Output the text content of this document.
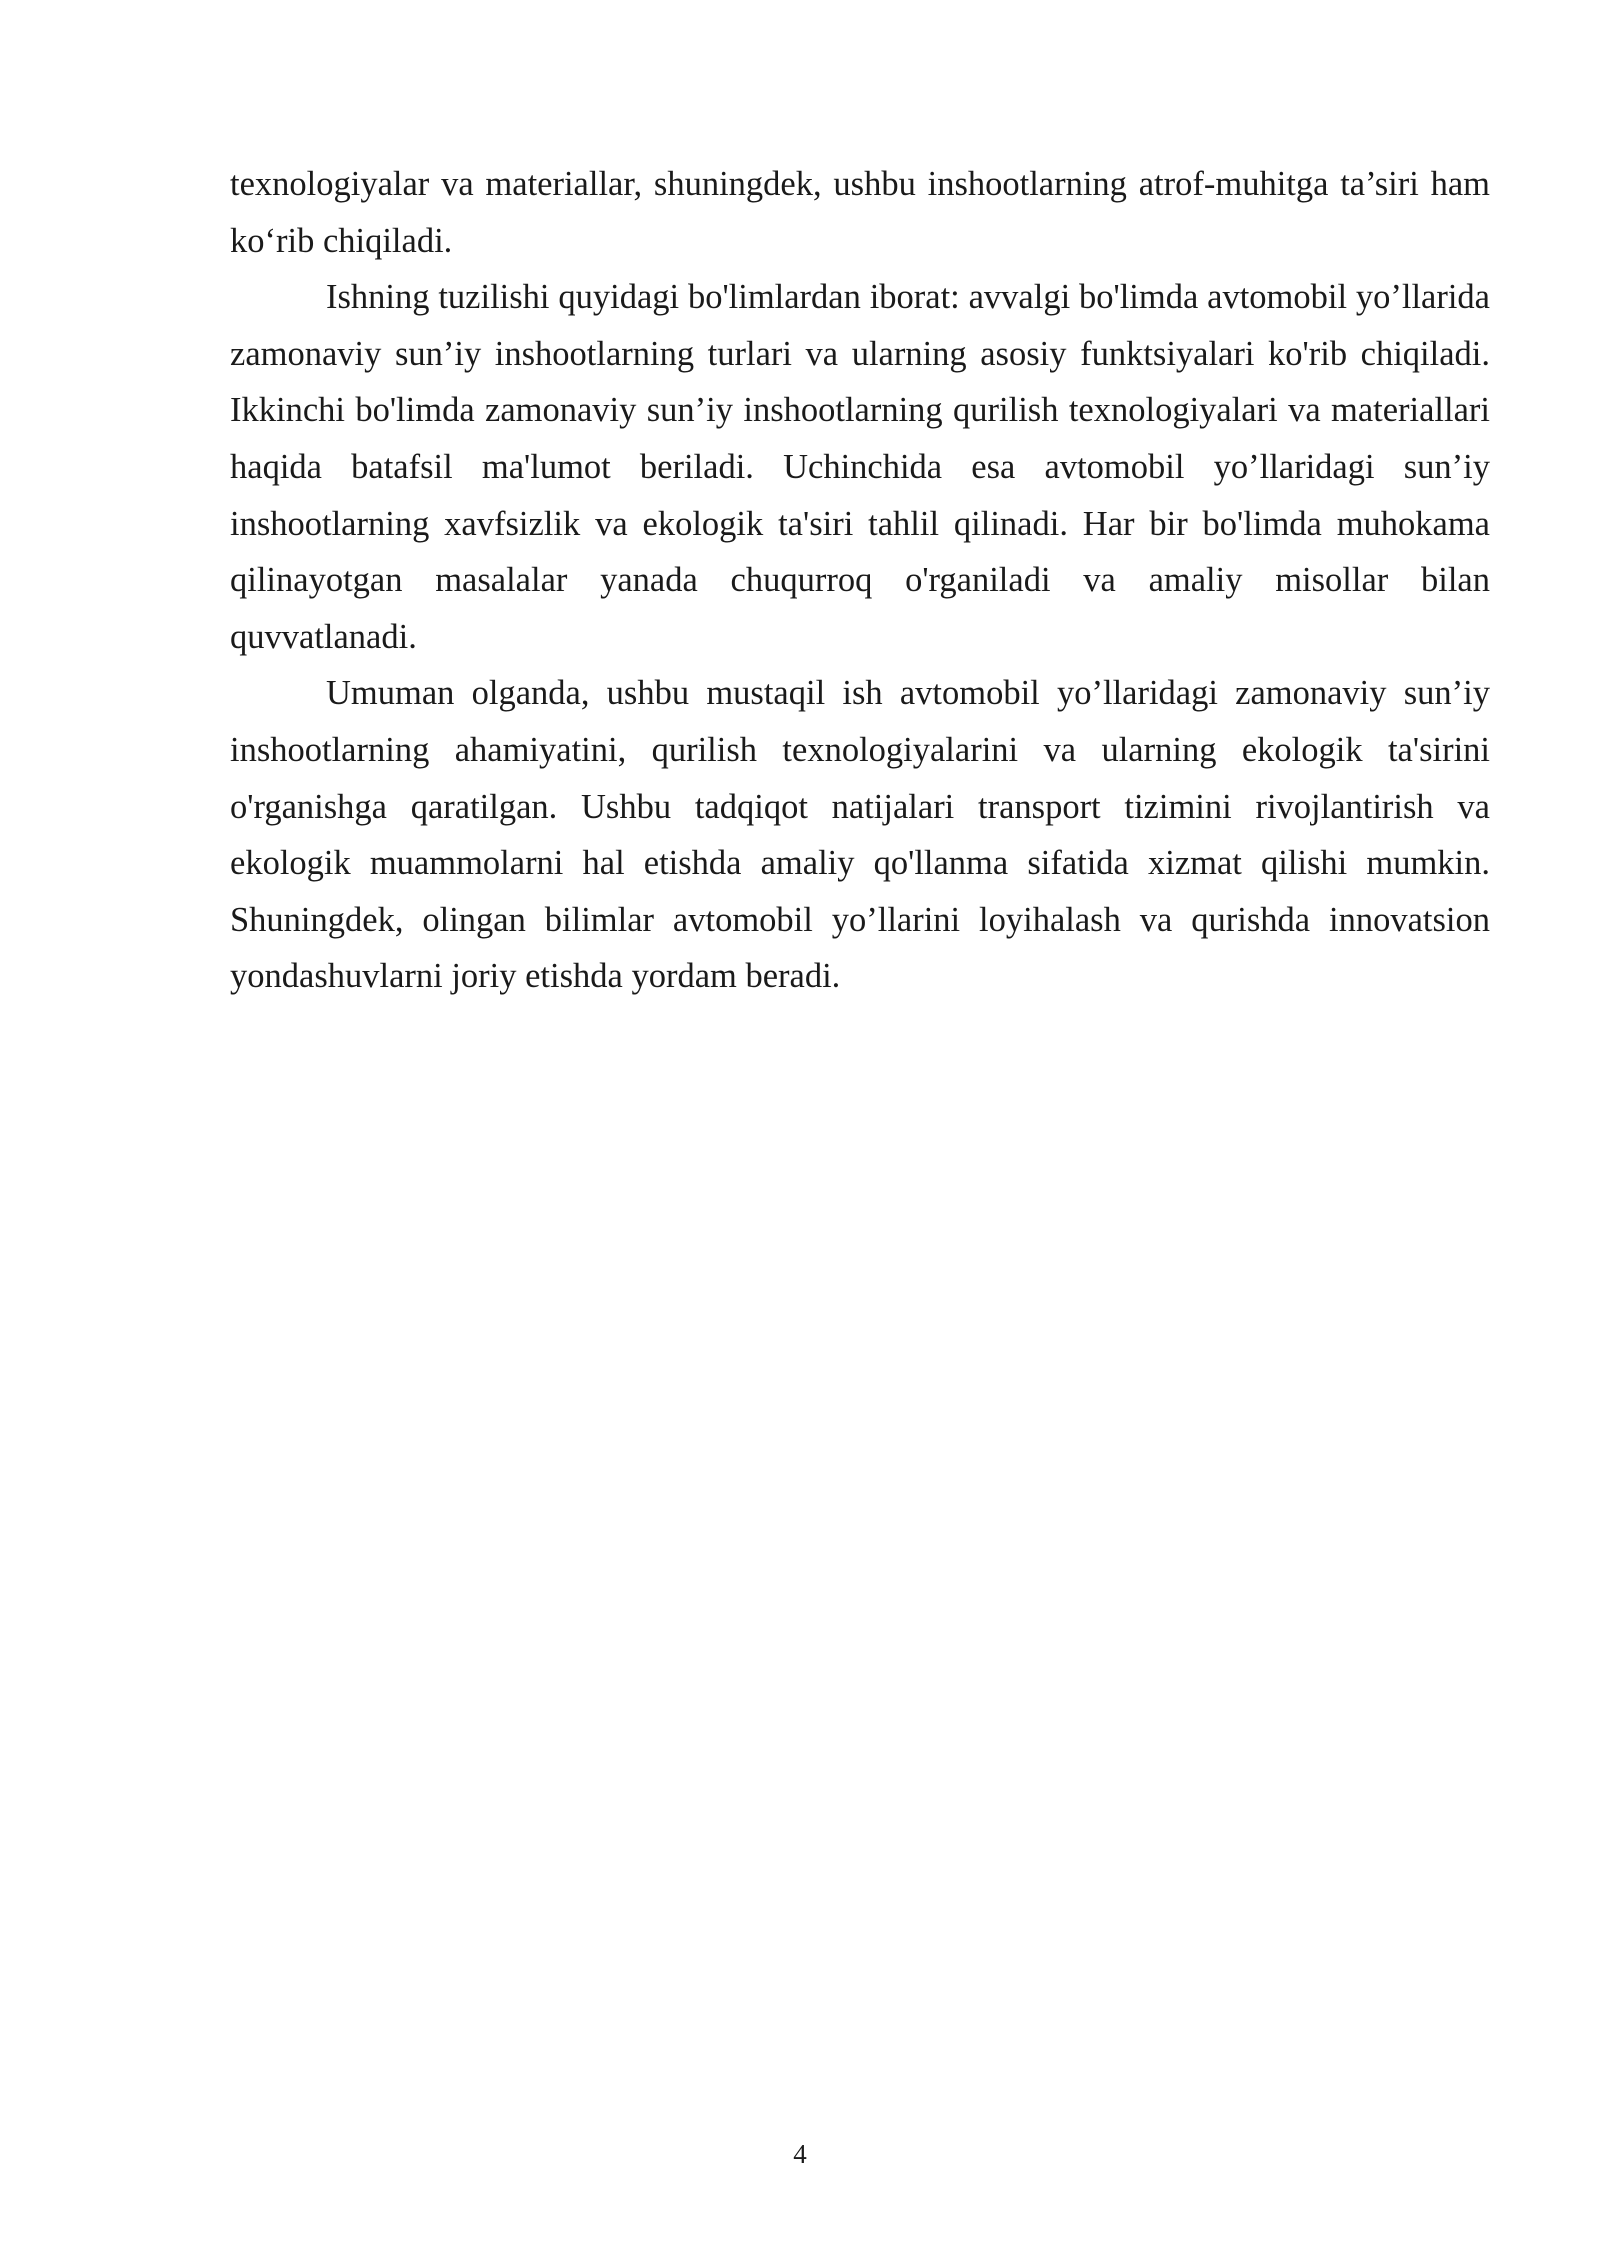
texnologiyalar va materiallar, shuningdek, ushbu inshootlarning atrof-muhitga ta’siri ham ko‘rib chiqiladi.

Ishning tuzilishi quyidagi bo'limlardan iborat: avvalgi bo'limda avtomobil yo’llarida zamonaviy sun’iy inshootlarning turlari va ularning asosiy funktsiyalari ko'rib chiqiladi. Ikkinchi bo'limda zamonaviy sun’iy inshootlarning qurilish texnologiyalari va materiallari haqida batafsil ma'lumot beriladi. Uchinchida esa avtomobil yo’llaridagi sun’iy inshootlarning xavfsizlik va ekologik ta'siri tahlil qilinadi. Har bir bo'limda muhokama qilinayotgan masalalar yanada chuqurroq o'rganiladi va amaliy misollar bilan quvvatlanadi.

Umuman olganda, ushbu mustaqil ish avtomobil yo’llaridagi zamonaviy sun’iy inshootlarning ahamiyatini, qurilish texnologiyalarini va ularning ekologik ta'sirini o'rganishga qaratilgan. Ushbu tadqiqot natijalari transport tizimini rivojlantirish va ekologik muammolarni hal etishda amaliy qo'llanma sifatida xizmat qilishi mumkin. Shuningdek, olingan bilimlar avtomobil yo’llarini loyihalash va qurishda innovatsion yondashuvlarni joriy etishda yordam beradi.

4
